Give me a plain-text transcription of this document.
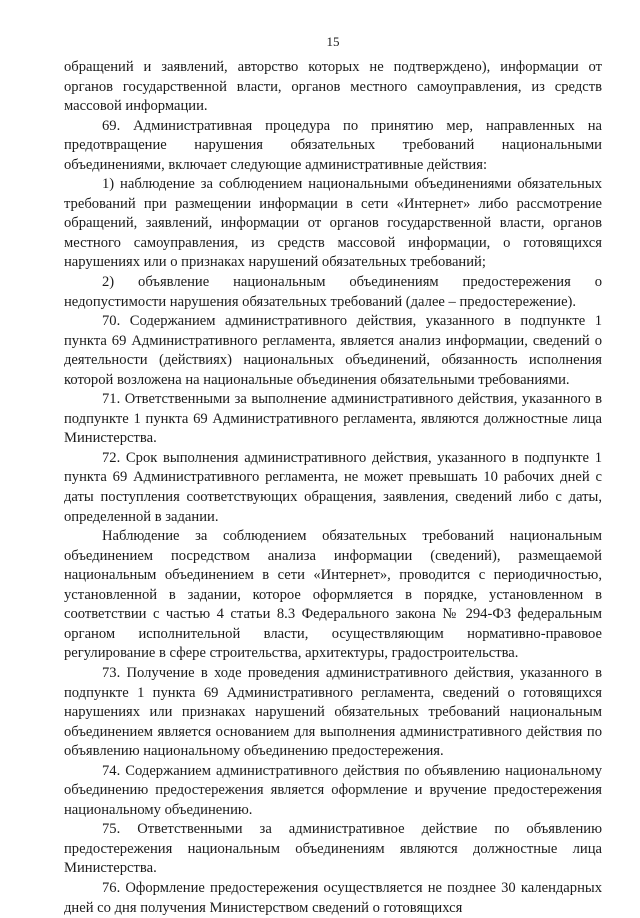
15

обращений и заявлений, авторство которых не подтверждено), информации от органов государственной власти, органов местного самоуправления, из средств массовой информации.

69. Административная процедура по принятию мер, направленных на предотвращение нарушения обязательных требований национальными объединениями, включает следующие административные действия:

1) наблюдение за соблюдением национальными объединениями обязательных требований при размещении информации в сети «Интернет» либо рассмотрение обращений, заявлений, информации от органов государственной власти, органов местного самоуправления, из средств массовой информации, о готовящихся нарушениях или о признаках нарушений обязательных требований;

2) объявление национальным объединениям предостережения о недопустимости нарушения обязательных требований (далее – предостережение).

70. Содержанием административного действия, указанного в подпункте 1 пункта 69 Административного регламента, является анализ информации, сведений о деятельности (действиях) национальных объединений, обязанность исполнения которой возложена на национальные объединения обязательными требованиями.

71. Ответственными за выполнение административного действия, указанного в подпункте 1 пункта 69 Административного регламента, являются должностные лица Министерства.

72. Срок выполнения административного действия, указанного в подпункте 1 пункта 69 Административного регламента, не может превышать 10 рабочих дней с даты поступления соответствующих обращения, заявления, сведений либо с даты, определенной в задании.

Наблюдение за соблюдением обязательных требований национальным объединением посредством анализа информации (сведений), размещаемой национальным объединением в сети «Интернет», проводится с периодичностью, установленной в задании, которое оформляется в порядке, установленном в соответствии с частью 4 статьи 8.3 Федерального закона № 294-ФЗ федеральным органом исполнительной власти, осуществляющим нормативно-правовое регулирование в сфере строительства, архитектуры, градостроительства.

73. Получение в ходе проведения административного действия, указанного в подпункте 1 пункта 69 Административного регламента, сведений о готовящихся нарушениях или признаках нарушений обязательных требований национальным объединением является основанием для выполнения административного действия по объявлению национальному объединению предостережения.

74. Содержанием административного действия по объявлению национальному объединению предостережения является оформление и вручение предостережения национальному объединению.

75. Ответственными за административное действие по объявлению предостережения национальным объединениям являются должностные лица Министерства.

76. Оформление предостережения осуществляется не позднее 30 календарных дней со дня получения Министерством сведений о готовящихся
